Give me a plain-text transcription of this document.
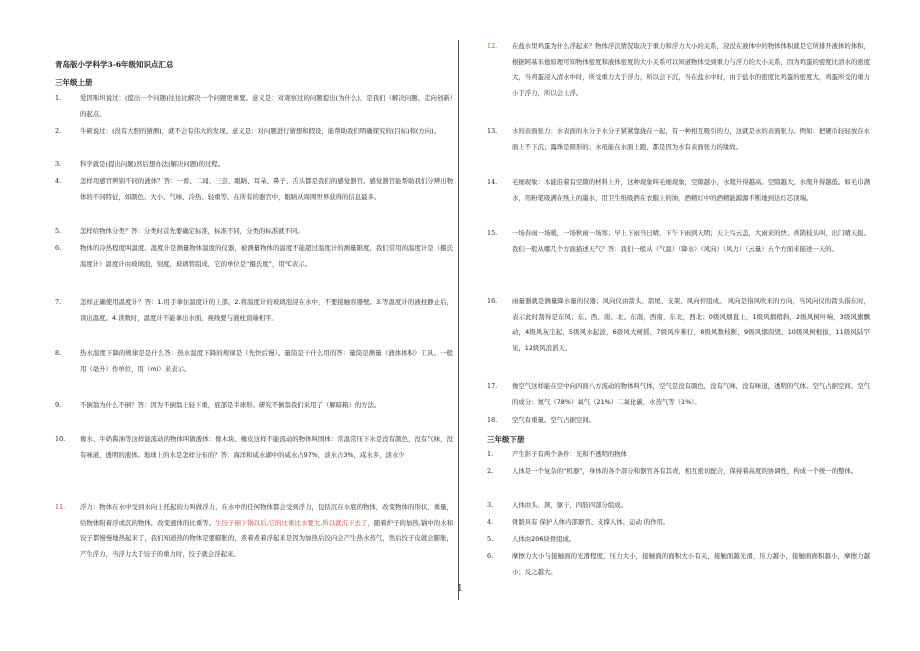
青岛版小学科学3-6年级知识点汇总
三年级上册
1.	爱因斯坦说过：(提出一个问题)往往比解决一个问题更重要。意义是：对观察过的问题提出(为什么)，是我们（解决问题、走向创新）的起点。
2.	牛顿说过：(没有大胆的猜测)，就不会有伟大的发现。意义是：对问题进行猜想和假设，能帮助我们明确探究的(目标)和(方向)。
3.	科学就是(提出问题)然后想办法(解决问题)的过程。
4.	怎样用感官辨别不同的液体？答：一看、二闻、三尝、眼睛、耳朵、鼻子、舌头都是我们的感觉器官。感觉器官能帮助我们分辨出物体的不同特征，如颜色、大小、气味、冷热、轻重等。在所有的器官中，眼睛从周围世界获得的信息最多。
5.	怎样给物体分类？答：分类时首先要确定标准，标准不同，分类的标准就不同。
6.	物体的冷热程度叫温度。温度计是测量物体温度的仪器，被测量物体的温度不能超过温度计的测量限度，我们常用的温度计是（摄氏温度计）温度计由玻璃泡，刻度，玻璃管组成，它的单位是“摄氏度”，用℃表示。
7.	怎样正确使用温度计？答：1.用手拿住温度计的上部，2.将温度计的玻璃泡浸在水中，不要接触容器壁。3.等温度计的液柱静止后，读出温度。4.读数时，温度计不能拿出水面，视线要与液柱顶端相平。
8.	热水温度下降的规律是是什么答：热水温度下降的规律是（先快后慢）。量筒是干什么用的答：量筒是测量（液体体积）工具。一般用（毫升）作单位，用（ml）来表示。
9.	不倒翁为什么不倒？答：因为不倒翁上轻下重，底部是半球形。研究不倒翁我们采用了（解暗箱）的方法。
10.	像水、牛奶酱油等这样能流动的物体叫做液体：像木块、橡皮这样不能流动的物体叫固体：常温常压下水是没有颜色，没有气味，没有味道，透明的液体。地球上的水是怎样分布的？答：海洋和咸水湖中的咸水占97%，淡水占3%，咸水多，淡水少
11.	浮力：物体在水中受到水向上托起的力叫做浮力，在水中的任何物体都会受到浮力，包括沉在水底的物体，改变物体的形状，重量，给物体附着浮或沉的物体，改变液体的比重等。生饺子倒下锅以后,它的比重比水要大,所以就沉下去了，随着炉子的加热,锅中的水和饺子都慢慢地热起来了，我们知道热的物体是要膨胀的，煮着煮着浮起来是因为加热后饺内会产生热水蒸气，然后饺子皮就会膨胀，产生浮力，当浮力大于饺子的重力时，饺子就会浮起来。
12.	在盐水里鸡蛋为什么浮起来？物体浮沉情况取决于重力和浮力大小的关系，浸没在液体中的物体体积就是它所排开液体的体积，根据阿基米德原理可知物体密度和液体密度的大小关系可以知道物体受到重力与浮力的大小关系，因为鸡蛋的密度比清水的密度大，当鸡蛋浸入清水中时，所受重力大于浮力，所以会下沉，当在盐水中时，由于盐水的密度比鸡蛋的密度大，鸡蛋所受的重力小于浮力，所以会上浮。
13.	水的表面张力：水表面的水分子水分子紧紧靠拢在一起，有一种相互吸引的力，这就是水的表面张力。例如：把硬币轻轻放在水面上不下沉；露珠是圆形的；水黾能在水面上跑，都是因为水有表面张力的缘故。
14.	毛细现象：木能沿着有空隙的材料上升，这种现象叫毛细现象，空隙越小，水爬升得越高。空隙越大，水爬升得越低。如毛巾满水，用粉笔吸满在纸上的墨水，用卫生纸吸洒在衣服上的油，酒精灯中的酒精能源源不断地到达灯芯顶端。
15.	一场春雨一场暖，一场秋雨一场寒；早上下雨当日晴，下午下雨到天明；天上鸟云盖，大雨来的快；喜鹊枝头叫，出门晴天报。我们一般从哪几个方面描述天气？答：我们一般从（气温）（降水）（风向）（风力）（云量）五个方面来描述一天的。
16.	雨量器就是测量降水量的仪器；风向仪由箭头、箭尾、支架、风向杆组成。 风向是指风吹来的方向，当风向仪的箭头指东时，表示此时刮得是东风；东、西、南、北、东南，西南，东北，西北；0级风烟直上，1级风烟稍斜，2级风树叶响，3级风旗飘动，4级风灰尘起，5级风水起波，6级风大树摇，7级风步难行，8级风数枝断，9级风烟囱毁，10级风树根拔，11级风陆罕见，12级风浪滔天。
17.	像空气这样能在空中向四面八方流动的物体叫气体，空气是没有颜色，没有气味，没有味道，透明的气体。空气占据空间。空气的成分：氮气（78%）氧气（21%）二氧化碳、水蒸气等（1%）。
18.	空气有重量。空气占据空间。
三年级下册
1.	产生影子有两个条件：光和不透明的物体
2.	人体是一个复杂的“机器”，身体的各个部分和器官各有其责，相互密切配合，保持着高度的协调性，构成一个统一的整体。
3.	人体由头、颈，躯干，四肢四部分组成。
4.	骨骼具有 保护人体内部器官、支撑人体、运动 的作用。
5.	人体由206块骨组成。
6.	摩擦力大小与接触面的光滑程度，压力大小，接触面的面积大小有关，接触面越光滑，压力越小，接触面面积越小，摩擦力越小；反之越大。
1
